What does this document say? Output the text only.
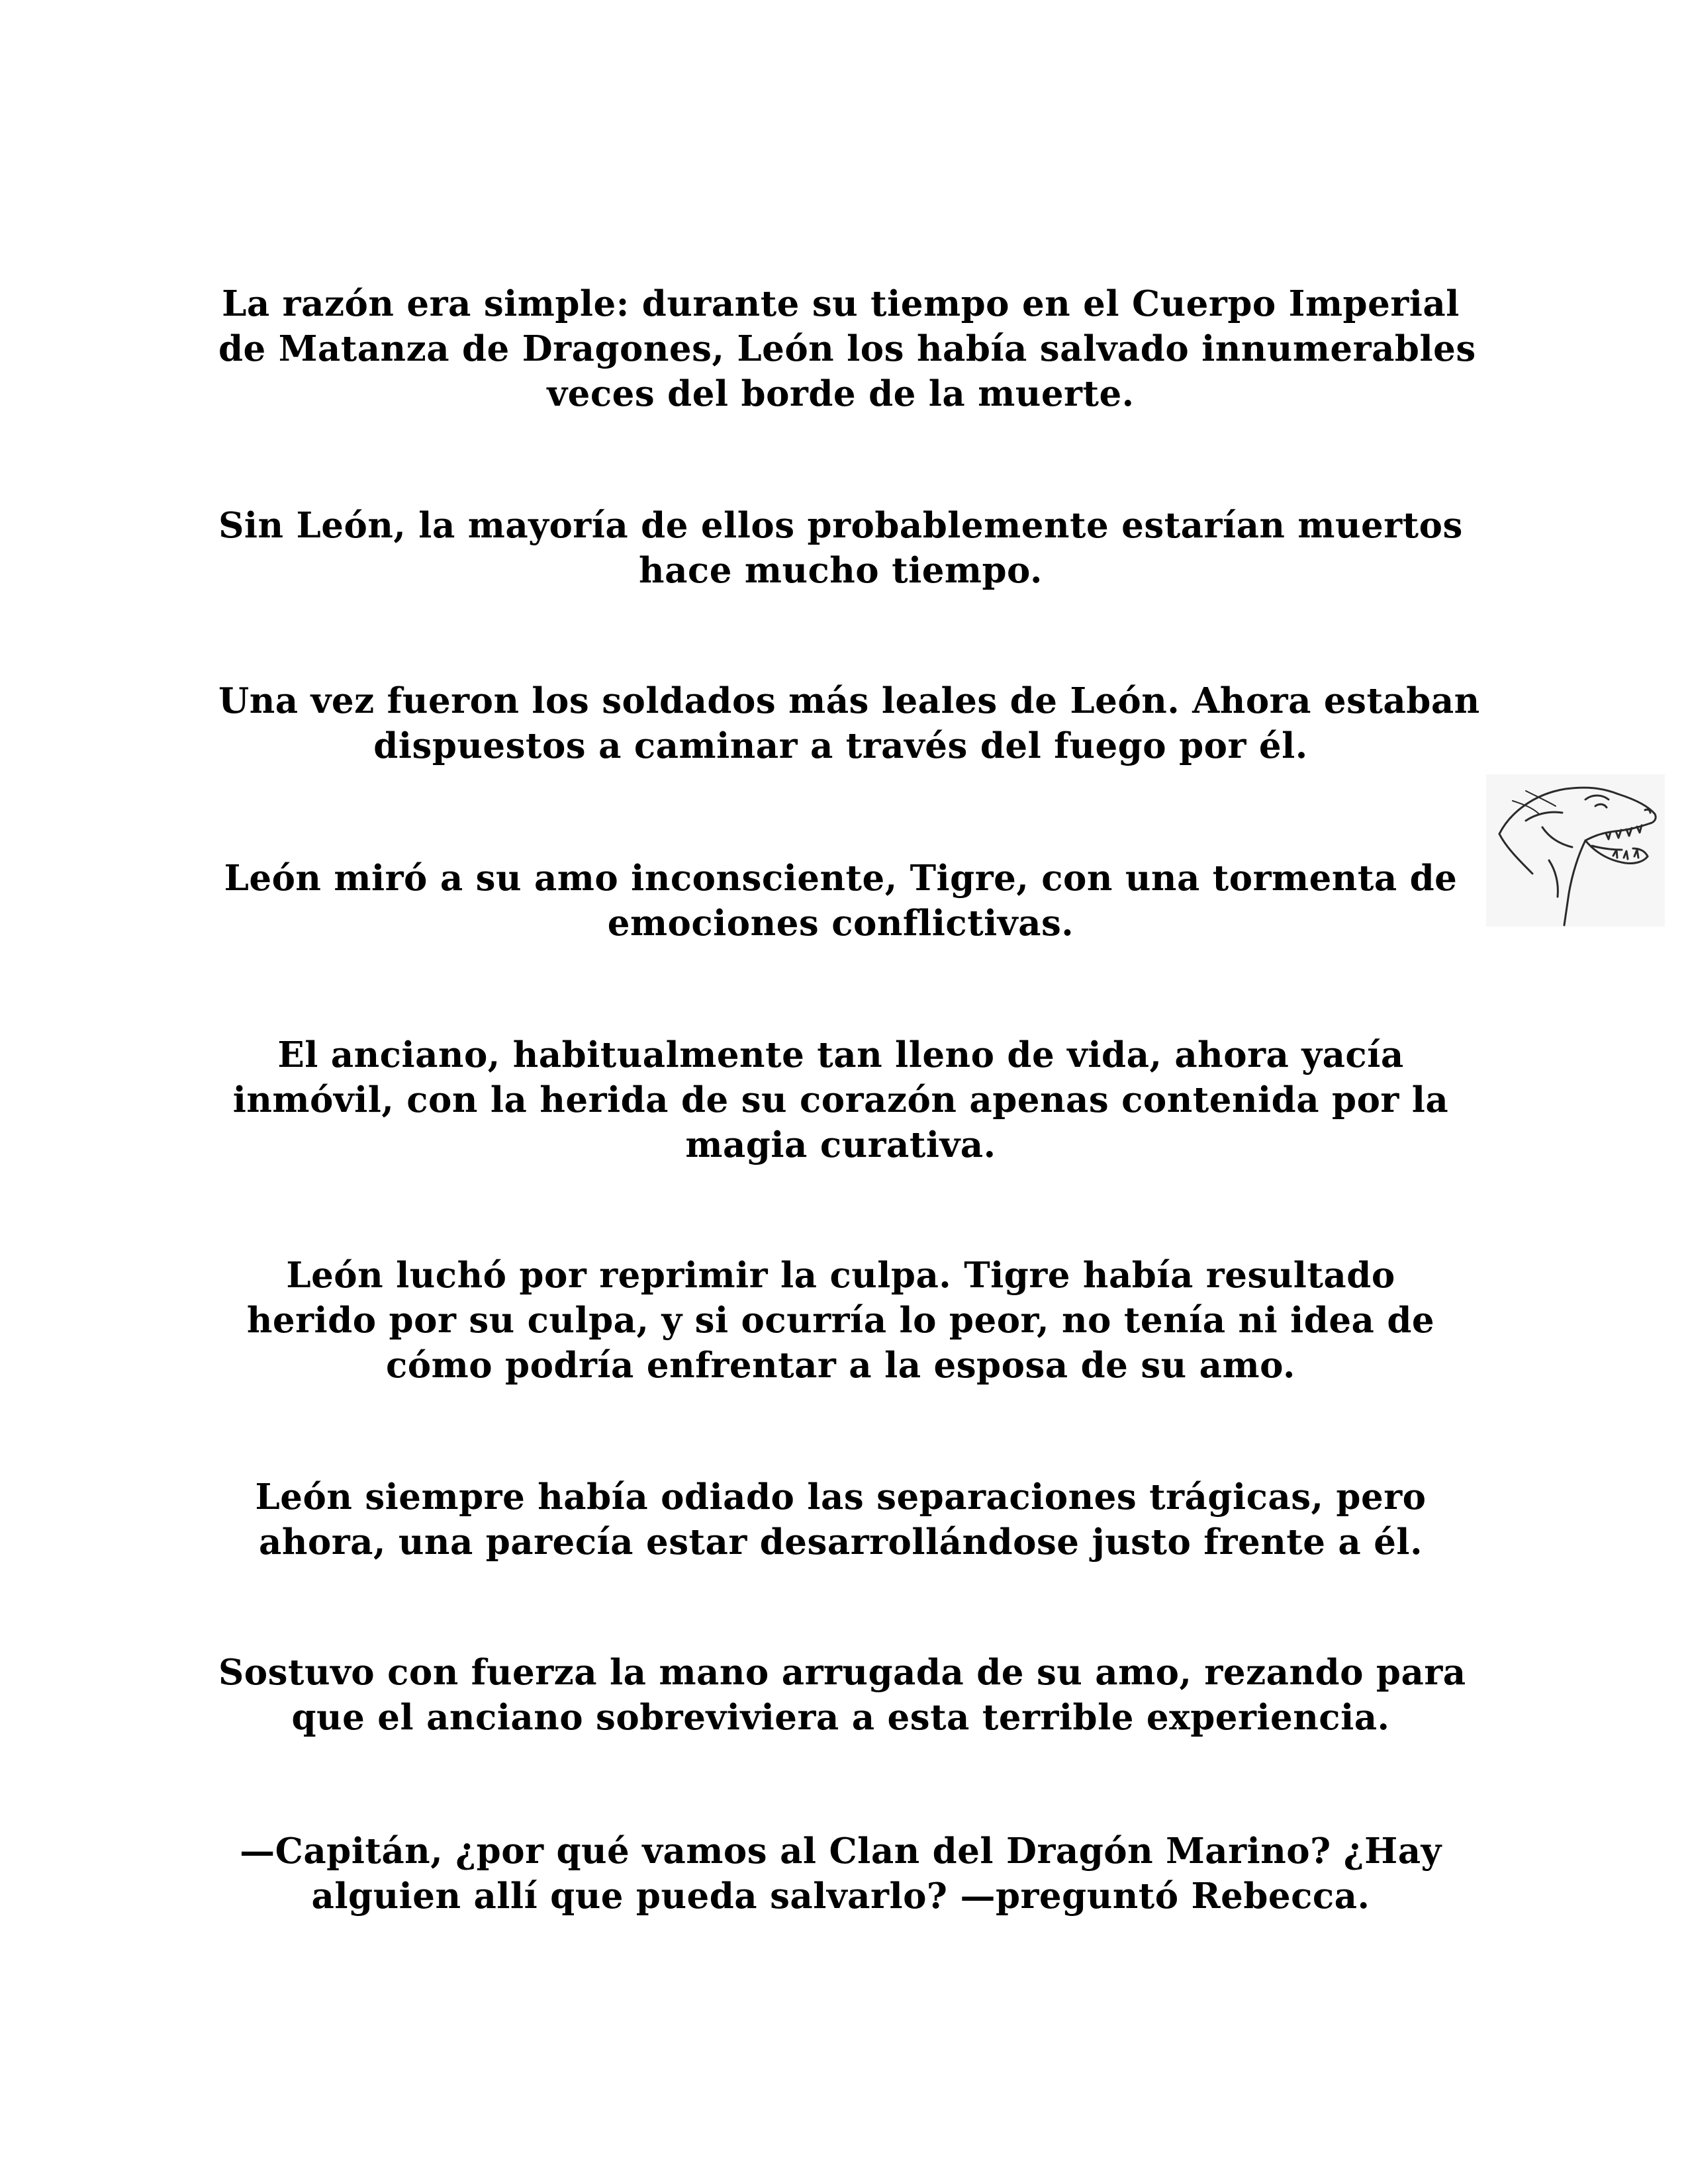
La razón era simple: durante su tiempo en el Cuerpo Imperial
de Matanza de Dragones, León los había salvado innumerables
veces del borde de la muerte.
Sin León, la mayoría de ellos probablemente estarían muertos
hace mucho tiempo.
Una vez fueron los soldados más leales de León. Ahora estaban
dispuestos a caminar a través del fuego por él.
León miró a su amo inconsciente, Tigre, con una tormenta de
emociones conflictivas.
El anciano, habitualmente tan lleno de vida, ahora yacía
inmóvil, con la herida de su corazón apenas contenida por la
magia curativa.
León luchó por reprimir la culpa. Tigre había resultado
herido por su culpa, y si ocurría lo peor, no tenía ni idea de
cómo podría enfrentar a la esposa de su amo.
León siempre había odiado las separaciones trágicas, pero
ahora, una parecía estar desarrollándose justo frente a él.
Sostuvo con fuerza la mano arrugada de su amo, rezando para
que el anciano sobreviviera a esta terrible experiencia.
—Capitán, ¿por qué vamos al Clan del Dragón Marino? ¿Hay
alguien allí que pueda salvarlo? —preguntó Rebecca.
